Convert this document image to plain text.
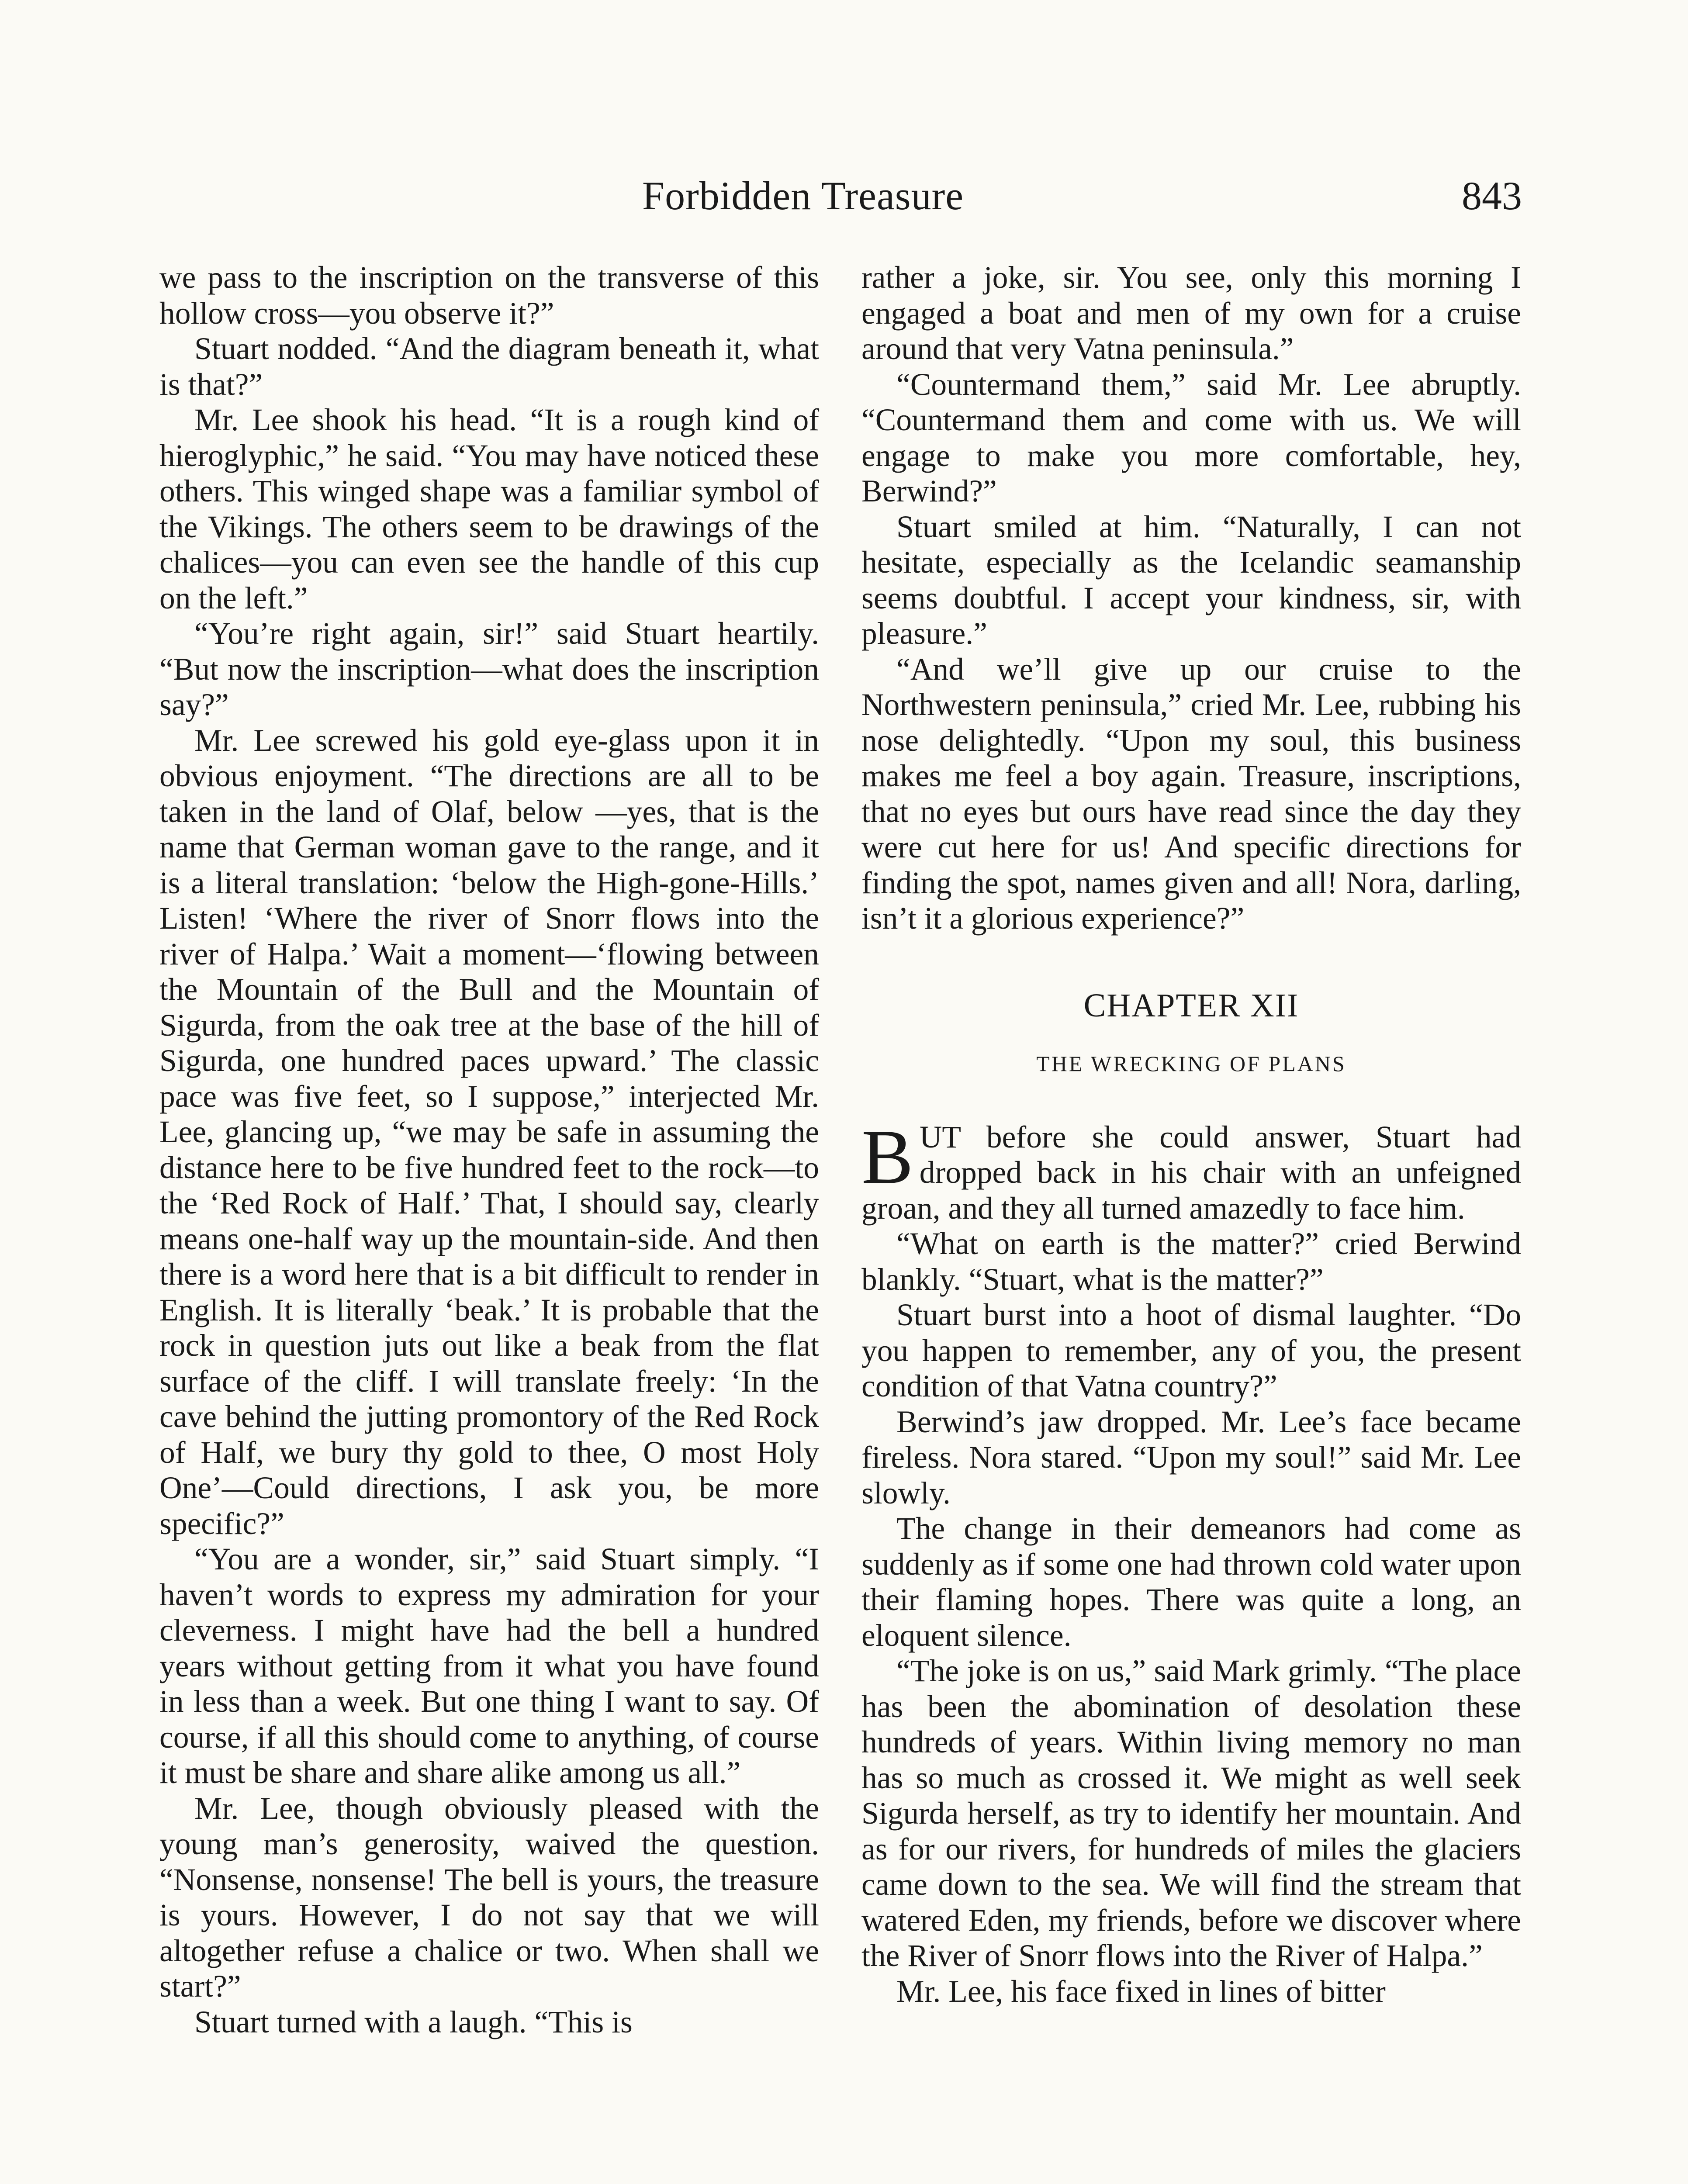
Forbidden Treasure	843

we pass to the inscription on the transverse of this hollow cross—you observe it?”

Stuart nodded. “And the diagram beneath it, what is that?”

Mr. Lee shook his head. “It is a rough kind of hieroglyphic,” he said. “You may have noticed these others. This winged shape was a familiar symbol of the Vikings. The others seem to be drawings of the chalices—you can even see the handle of this cup on the left.”

“You’re right again, sir!” said Stuart heartily. “But now the inscription—what does the inscription say?”

Mr. Lee screwed his gold eye-glass upon it in obvious enjoyment. “The directions are all to be taken in the land of Olaf, below —yes, that is the name that German woman gave to the range, and it is a literal translation: ‘below the High-gone-Hills.’ Listen! ‘Where the river of Snorr flows into the river of Halpa.’ Wait a moment—‘flowing between the Mountain of the Bull and the Mountain of Sigurda, from the oak tree at the base of the hill of Sigurda, one hundred paces upward.’ The classic pace was five feet, so I suppose,” interjected Mr. Lee, glancing up, “we may be safe in assuming the distance here to be five hundred feet to the rock—to the ‘Red Rock of Half.’ That, I should say, clearly means one-half way up the mountain-side. And then there is a word here that is a bit difficult to render in English. It is literally ‘beak.’ It is probable that the rock in question juts out like a beak from the flat surface of the cliff. I will translate freely: ‘In the cave behind the jutting promontory of the Red Rock of Half, we bury thy gold to thee, O most Holy One’—Could directions, I ask you, be more specific?”

“You are a wonder, sir,” said Stuart simply. “I haven’t words to express my admiration for your cleverness. I might have had the bell a hundred years without getting from it what you have found in less than a week. But one thing I want to say. Of course, if all this should come to anything, of course it must be share and share alike among us all.”

Mr. Lee, though obviously pleased with the young man’s generosity, waived the question. “Nonsense, nonsense! The bell is yours, the treasure is yours. However, I do not say that we will altogether refuse a chalice or two. When shall we start?”

Stuart turned with a laugh. “This is

rather a joke, sir. You see, only this morning I engaged a boat and men of my own for a cruise around that very Vatna peninsula.”

“Countermand them,” said Mr. Lee abruptly. “Countermand them and come with us. We will engage to make you more comfortable, hey, Berwind?”

Stuart smiled at him. “Naturally, I can not hesitate, especially as the Icelandic seamanship seems doubtful. I accept your kindness, sir, with pleasure.”

“And we’ll give up our cruise to the Northwestern peninsula,” cried Mr. Lee, rubbing his nose delightedly. “Upon my soul, this business makes me feel a boy again. Treasure, inscriptions, that no eyes but ours have read since the day they were cut here for us! And specific directions for finding the spot, names given and all! Nora, darling, isn’t it a glorious experience?”

CHAPTER XII
THE WRECKING OF PLANS

BUT before she could answer, Stuart had dropped back in his chair with an unfeigned groan, and they all turned amazedly to face him.

“What on earth is the matter?” cried Berwind blankly. “Stuart, what is the matter?”

Stuart burst into a hoot of dismal laughter. “Do you happen to remember, any of you, the present condition of that Vatna country?”

Berwind’s jaw dropped. Mr. Lee’s face became fireless. Nora stared. “Upon my soul!” said Mr. Lee slowly.

The change in their demeanors had come as suddenly as if some one had thrown cold water upon their flaming hopes. There was quite a long, an eloquent silence.

“The joke is on us,” said Mark grimly. “The place has been the abomination of desolation these hundreds of years. Within living memory no man has so much as crossed it. We might as well seek Sigurda herself, as try to identify her mountain. And as for our rivers, for hundreds of miles the glaciers came down to the sea. We will find the stream that watered Eden, my friends, before we discover where the River of Snorr flows into the River of Halpa.”

Mr. Lee, his face fixed in lines of bitter
